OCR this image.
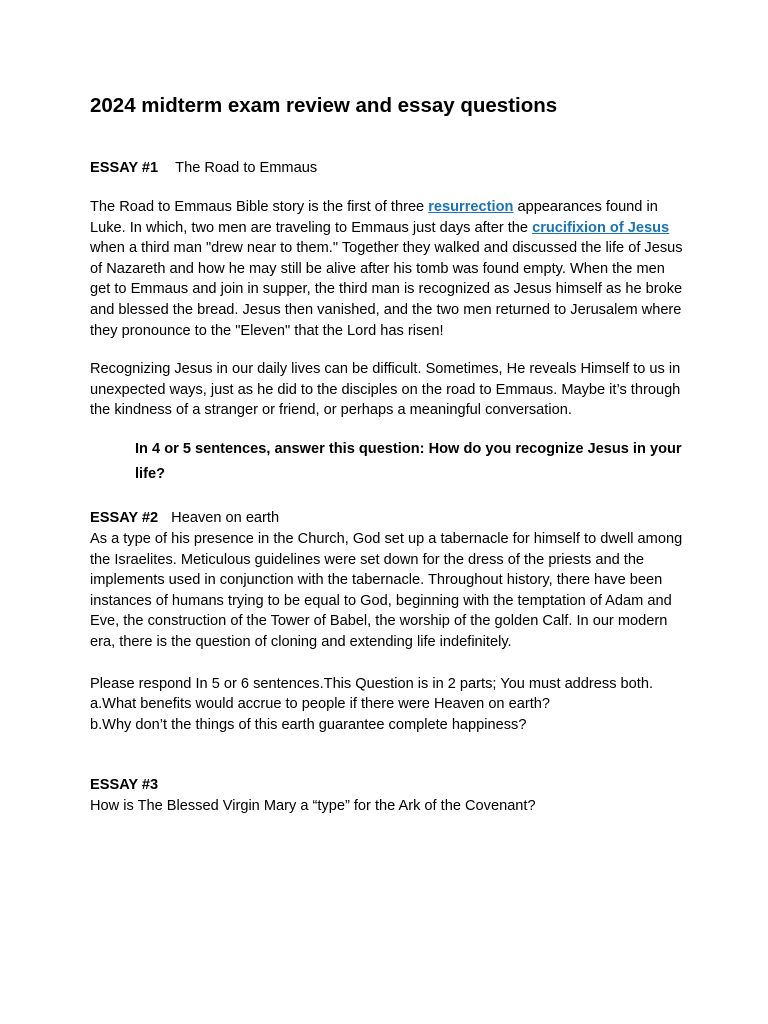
2024 midterm exam review and essay questions

ESSAY #1 The Road to Emmaus

The Road to Emmaus Bible story is the first of three resurrection appearances found in Luke. In which, two men are traveling to Emmaus just days after the crucifixion of Jesus when a third man "drew near to them." Together they walked and discussed the life of Jesus of Nazareth and how he may still be alive after his tomb was found empty. When the men get to Emmaus and join in supper, the third man is recognized as Jesus himself as he broke and blessed the bread. Jesus then vanished, and the two men returned to Jerusalem where they pronounce to the "Eleven" that the Lord has risen!

Recognizing Jesus in our daily lives can be difficult. Sometimes, He reveals Himself to us in unexpected ways, just as he did to the disciples on the road to Emmaus. Maybe it’s through the kindness of a stranger or friend, or perhaps a meaningful conversation.

In 4 or 5 sentences, answer this question: How do you recognize Jesus in your life?

ESSAY #2 Heaven on earth

As a type of his presence in the Church, God set up a tabernacle for himself to dwell among the Israelites. Meticulous guidelines were set down for the dress of the priests and the implements used in conjunction with the tabernacle. Throughout history, there have been instances of humans trying to be equal to God, beginning with the temptation of Adam and Eve, the construction of the Tower of Babel, the worship of the golden Calf. In our modern era, there is the question of cloning and extending life indefinitely.

Please respond In 5 or 6 sentences.This Question is in 2 parts; You must address both.

a.What benefits would accrue to people if there were Heaven on earth?

b.Why don’t the things of this earth guarantee complete happiness?

ESSAY #3

How is The Blessed Virgin Mary a “type” for the Ark of the Covenant?
